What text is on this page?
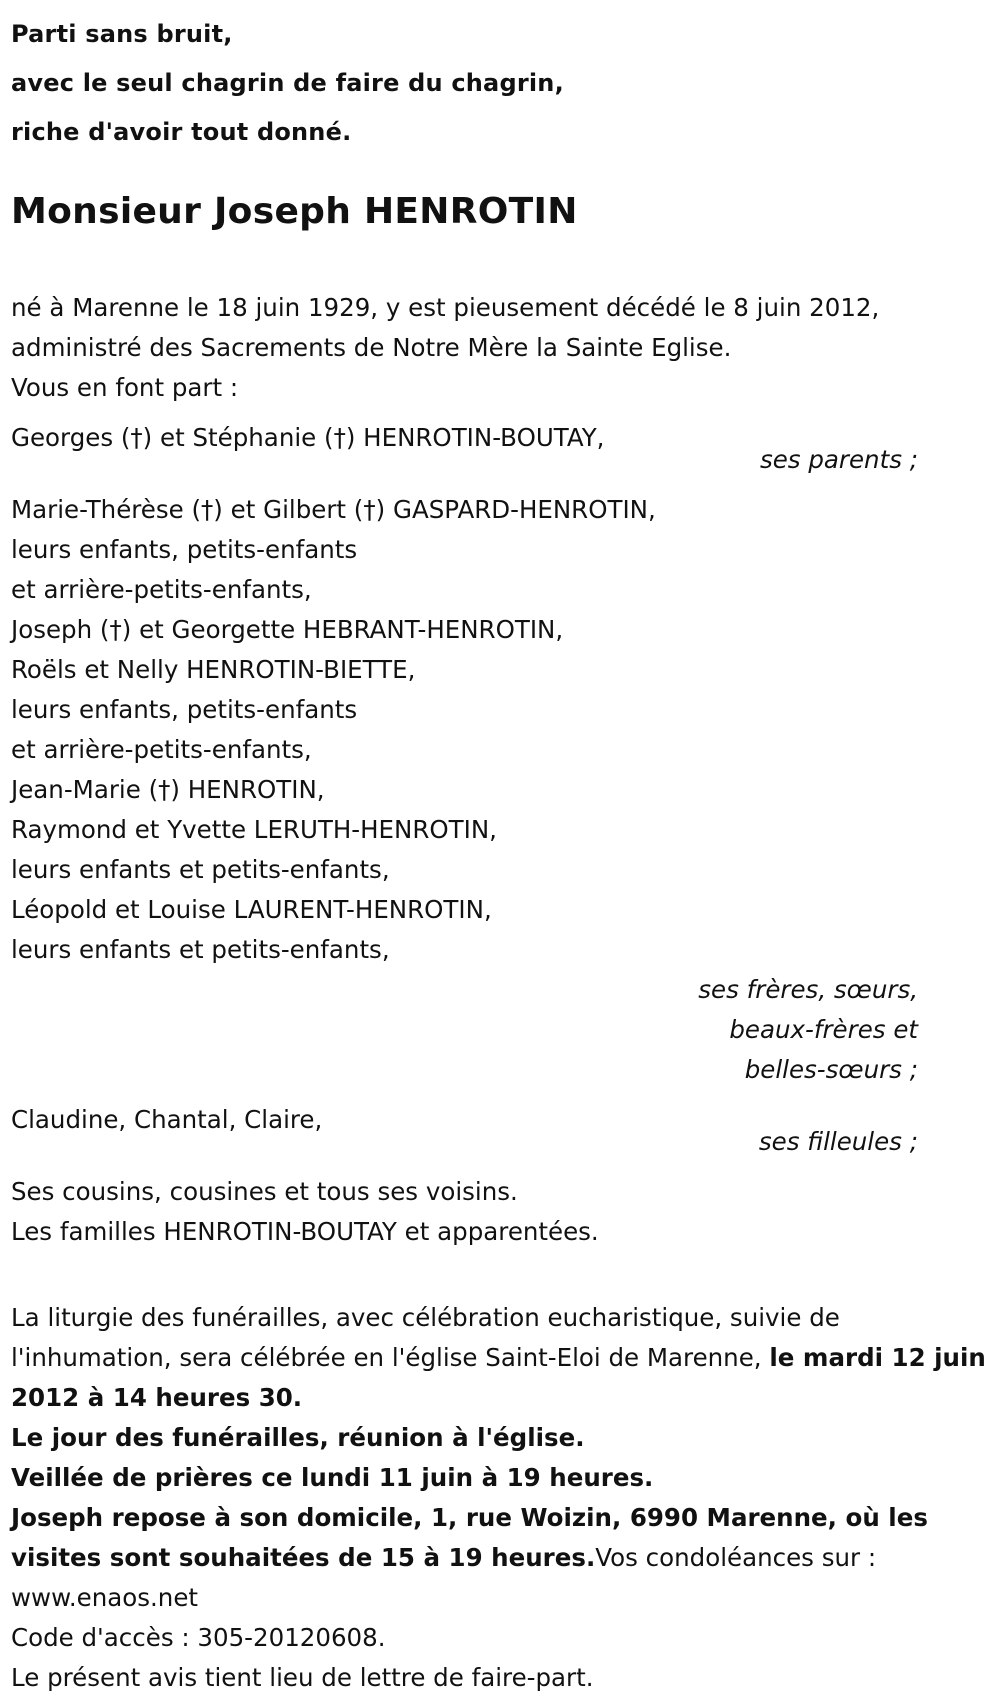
Parti sans bruit,

avec le seul chagrin de faire du chagrin,

riche d'avoir tout donné.

Monsieur Joseph HENROTIN

né à Marenne le 18 juin 1929, y est pieusement décédé le 8 juin 2012,

administré des Sacrements de Notre Mère la Sainte Eglise.

Vous en font part :

Georges (†) et Stéphanie (†) HENROTIN-BOUTAY,

ses parents ;

Marie-Thérèse (†) et Gilbert (†) GASPARD-HENROTIN,

leurs enfants, petits-enfants

et arrière-petits-enfants,

Joseph (†) et Georgette HEBRANT-HENROTIN,

Roëls et Nelly HENROTIN-BIETTE,

leurs enfants, petits-enfants

et arrière-petits-enfants,

Jean-Marie (†) HENROTIN,

Raymond et Yvette LERUTH-HENROTIN,

leurs enfants et petits-enfants,

Léopold et Louise LAURENT-HENROTIN,

leurs enfants et petits-enfants,

ses frères, sœurs,

beaux-frères et

belles-sœurs ;

Claudine, Chantal, Claire,

ses filleules ;

Ses cousins, cousines et tous ses voisins.

Les familles HENROTIN-BOUTAY et apparentées.

La liturgie des funérailles, avec célébration eucharistique, suivie de l'inhumation, sera célébrée en l'église Saint-Eloi de Marenne, le mardi 12 juin 2012 à 14 heures 30.

Le jour des funérailles, réunion à l'église.

Veillée de prières ce lundi 11 juin à 19 heures.

Joseph repose à son domicile, 1, rue Woizin, 6990 Marenne, où les visites sont souhaitées de 15 à 19 heures.Vos condoléances sur : www.enaos.net

Code d'accès : 305-20120608.

Le présent avis tient lieu de lettre de faire-part.
